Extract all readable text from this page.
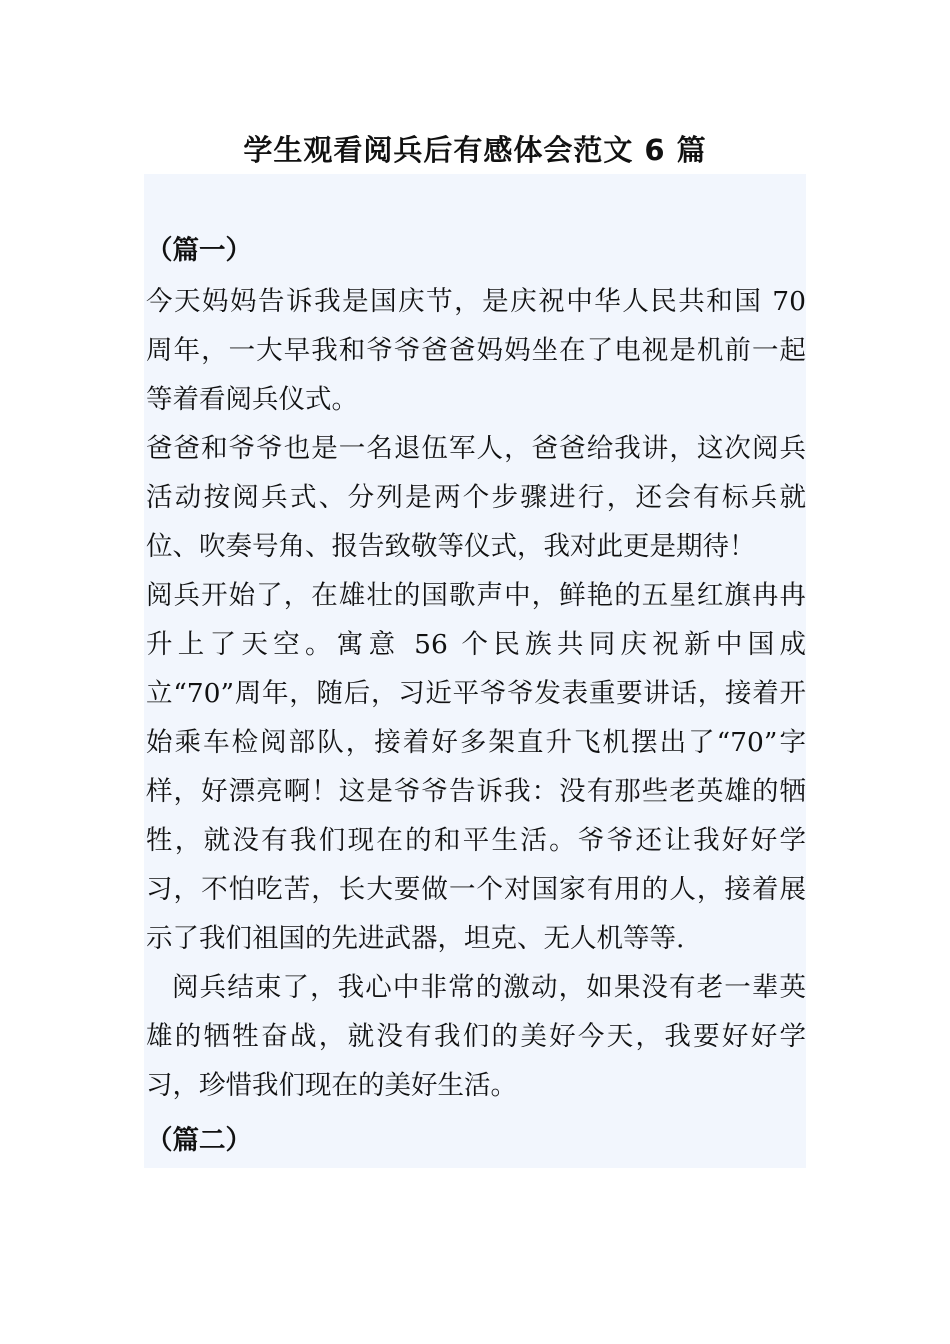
学生观看阅兵后有感体会范文 6 篇
（篇一）

今天妈妈告诉我是国庆节，是庆祝中华人民共和国 70 周年，一大早我和爷爷爸爸妈妈坐在了电视是机前一起等着看阅兵仪式。

爸爸和爷爷也是一名退伍军人，爸爸给我讲，这次阅兵活动按阅兵式、分列是两个步骤进行，还会有标兵就位、吹奏号角、报告致敬等仪式，我对此更是期待！

阅兵开始了，在雄壮的国歌声中，鲜艳的五星红旗冉冉升上了天空。寓意 56 个民族共同庆祝新中国成立“70”周年，随后，习近平爷爷发表重要讲话，接着开始乘车检阅部队，接着好多架直升飞机摆出了“70”字样，好漂亮啊！这是爷爷告诉我：没有那些老英雄的牺牲，就没有我们现在的和平生活。爷爷还让我好好学习，不怕吃苦，长大要做一个对国家有用的人，接着展示了我们祖国的先进武器，坦克、无人机等等.

阅兵结束了，我心中非常的激动，如果没有老一辈英雄的牺牲奋战，就没有我们的美好今天，我要好好学习，珍惜我们现在的美好生活。

（篇二）
